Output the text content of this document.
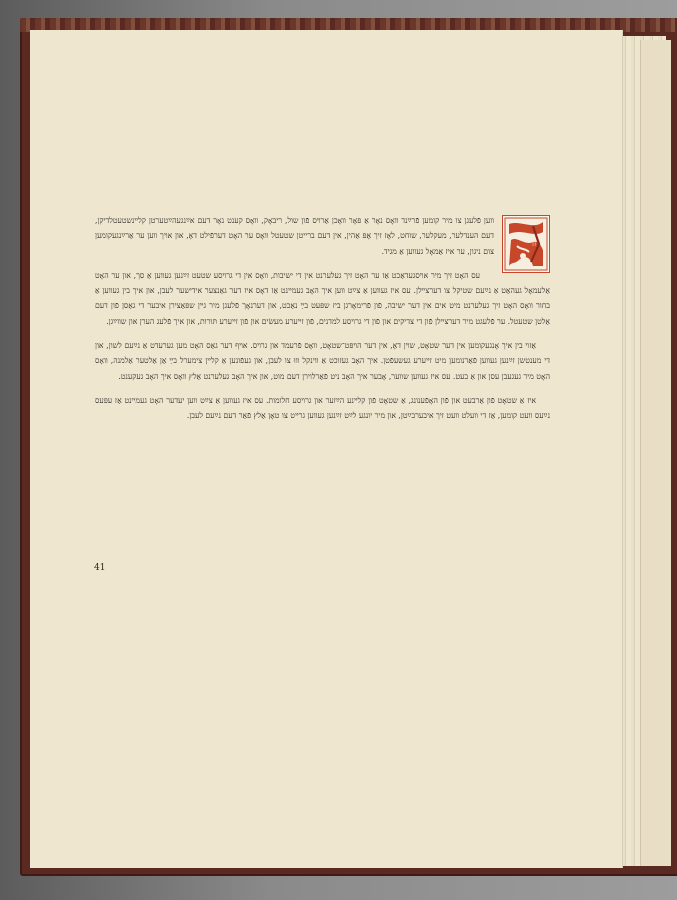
װ

װען פֿלעגן צו מיר קומען פֿרײַנד װאָס נאָר אַ פּאָר װאָכן אַרױס פֿון שול, ריבאָק, װאָס קענט נאָר דעם אײַנגעהײַטערטן קלײנשטעטלדיקן, דעם הענדלער, מעקלער, שוחט, לאָז זיך אָפּ אַהין, אין דעם ברייטן שטעטל װאָס ער האָט דערפֿילט דאָ, און אױך װען ער אַרײַנגעקומען צום ניגון, ער איז אַמאָל געװען אַ מגיד.

עס האָט זיך מיר אױסגעדאַכט אַז ער האָט זיך געלערנט אין די ישיבות, װאָס אין די גרױסע שטעט זײַנען געװען אַ סך, און ער האָט אַלעמאָל געהאַט אַ נײַעם שטיקל צו דערצײלן. עס איז געװען אַ צײַט װען איך האָב געמײנט אַז דאָס איז דער גאַנצער אידישער לעבן, און איך בין געװען אַ בחור װאָס האָט זיך געלערנט מיט אים אין דער ישיבה, פֿון פֿרימאָרגן ביז שפּעט בײַ נאַכט, און דערנאָך פֿלעגן מיר גײן שפּאַצירן איבער די גאַסן פֿון דעם אַלטן שטעטל. ער פֿלעגט מיר דערצײלן פֿון די צדיקים און פֿון די גרױסע למדנים, פֿון זײערע מעשׂים און פֿון זײערע תּורות, און איך פֿלעג הערן און שװײַגן.

אַזױ בין איך אָנגעקומען אין דער שטאָט, שױן דאָ, אין דער הױפּט־שטאָט, װאָס פֿרעמד און גרױס. אױף דער גאַס האָט מען גערעדט אַ נײַעם לשון, און די מענטשן זײַנען געװען פֿאַרנומען מיט זײערע געשעפֿטן. איך האָב געזוכט אַ װינקל װוּ צו לעבן, און געפֿונען אַ קלײן צימערל בײַ אַן אַלטער אַלמנה, װאָס האָט מיר געגעבן עסן און אַ בעט. עס איז געװען שװער, אָבער איך האָב ניט פֿאַרלוירן דעם מוט, און איך האָב געלערנט אַלץ װאָס איך האָב געקענט.

איז אַ שטאָט פֿון אַרבעט און פֿון האָפֿענונג, אַ שטאָט פֿון קלײנע הײַזער און גרױסע חלומות. עס איז געװען אַ צײַט װען יעדער האָט געמײנט אַז עפּעס נײַעס װעט קומען, אַז די װעלט װעט זיך איבערבײַטן, און מיר יונגע לײַט זײַנען געװען גרײט צו טאָן אַלץ פֿאַר דעם נײַעם לעבן.

41
